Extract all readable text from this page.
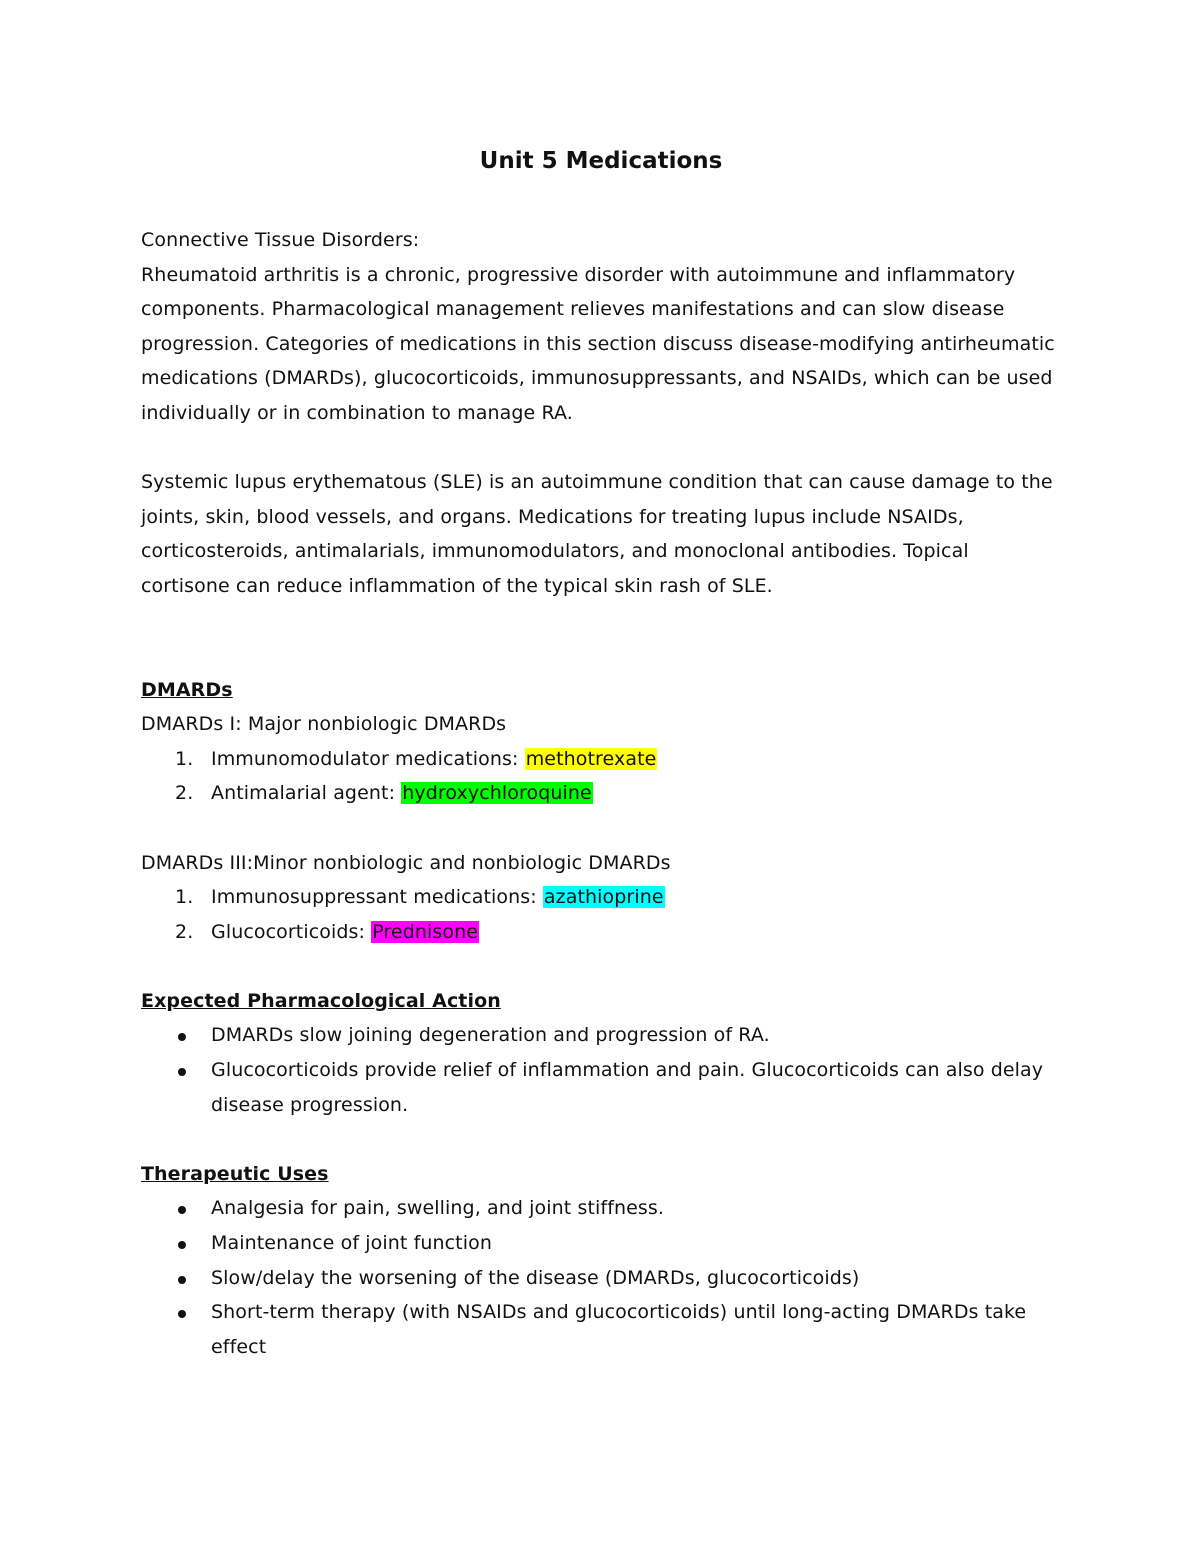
Unit 5 Medications

Connective Tissue Disorders:

Rheumatoid arthritis is a chronic, progressive disorder with autoimmune and inflammatory components. Pharmacological management relieves manifestations and can slow disease progression. Categories of medications in this section discuss disease-modifying antirheumatic medications (DMARDs), glucocorticoids, immunosuppressants, and NSAIDs, which can be used individually or in combination to manage RA.

Systemic lupus erythematous (SLE) is an autoimmune condition that can cause damage to the joints, skin, blood vessels, and organs. Medications for treating lupus include NSAIDs, corticosteroids, antimalarials, immunomodulators, and monoclonal antibodies. Topical cortisone can reduce inflammation of the typical skin rash of SLE.

DMARDs

DMARDs I: Major nonbiologic DMARDs

1. Immunomodulator medications: methotrexate
2. Antimalarial agent: hydroxychloroquine

DMARDs III:Minor nonbiologic and nonbiologic DMARDs

1. Immunosuppressant medications: azathioprine
2. Glucocorticoids: Prednisone

Expected Pharmacological Action

DMARDs slow joining degeneration and progression of RA.
Glucocorticoids provide relief of inflammation and pain. Glucocorticoids can also delay disease progression.

Therapeutic Uses

Analgesia for pain, swelling, and joint stiffness.
Maintenance of joint function
Slow/delay the worsening of the disease (DMARDs, glucocorticoids)
Short-term therapy (with NSAIDs and glucocorticoids) until long-acting DMARDs take effect
